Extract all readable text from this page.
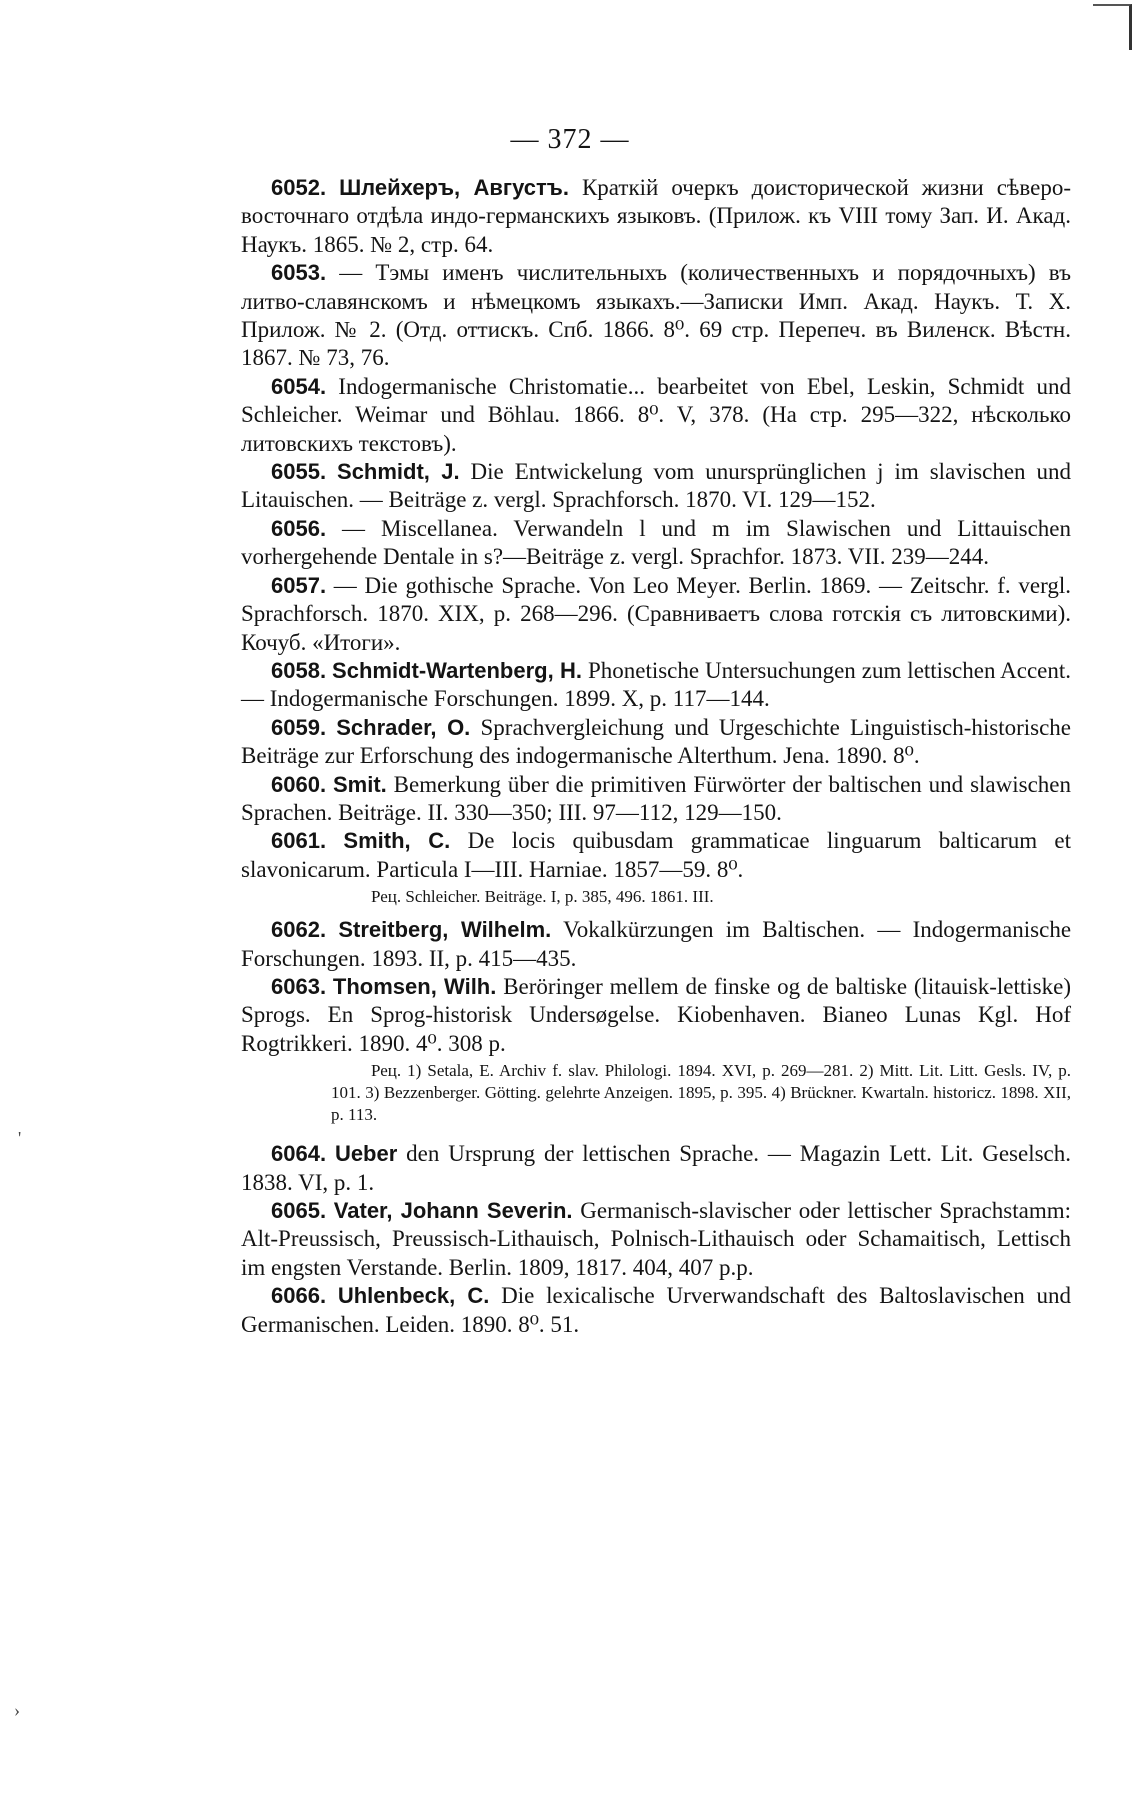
'
›
— 372 —
6052. Шлейхеръ, Августъ. Краткій очеркъ доисторической жизни сѣверо-восточнаго отдѣла индо-германскихъ языковъ. (Прилож. къ VIII тому Зап. И. Акад. Наукъ. 1865. № 2, стр. 64.
6053. — Тэмы именъ числительныхъ (количественныхъ и порядочныхъ) въ литво-славянскомъ и нѣмецкомъ языкахъ.—Записки Имп. Акад. Наукъ. Т. X. Прилож. № 2. (Отд. оттискъ. Спб. 1866. 8⁰. 69 стр. Перепеч. въ Виленск. Вѣстн. 1867. № 73, 76.
6054. Indogermanische Christomatie... bearbeitet von Ebel, Leskin, Schmidt und Schleicher. Weimar und Böhlau. 1866. 8⁰. V, 378. (На стр. 295—322, нѣсколько литовскихъ текстовъ).
6055. Schmidt, J. Die Entwickelung vom unursprünglichen j im slavischen und Litauischen. — Beiträge z. vergl. Sprachforsch. 1870. VI. 129—152.
6056. — Miscellanea. Verwandeln l und m im Slawischen und Littauischen vorhergehende Dentale in s?—Beiträge z. vergl. Sprachfor. 1873. VII. 239—244.
6057. — Die gothische Sprache. Von Leo Meyer. Berlin. 1869. — Zeitschr. f. vergl. Sprachforsch. 1870. XIX, p. 268—296. (Сравниваетъ слова готскія съ литовскими). Кочуб. «Итоги».
6058. Schmidt-Wartenberg, H. Phonetische Untersuchungen zum lettischen Accent. — Indogermanische Forschungen. 1899. X, p. 117—144.
6059. Schrader, O. Sprachvergleichung und Urgeschichte Linguistisch-historische Beiträge zur Erforschung des indogermanische Alterthum. Jena. 1890. 8⁰.
6060. Smit. Bemerkung über die primitiven Fürwörter der baltischen und slawischen Sprachen. Beiträge. II. 330—350; III. 97—112, 129—150.
6061. Smith, C. De locis quibusdam grammaticae linguarum balticarum et slavonicarum. Particula I—III. Harniae. 1857—59. 8⁰.
Рец. Schleicher. Beiträge. I, p. 385, 496. 1861. III.
6062. Streitberg, Wilhelm. Vokalkürzungen im Baltischen. — Indogermanische Forschungen. 1893. II, p. 415—435.
6063. Thomsen, Wilh. Beröringer mellem de finske og de baltiske (litauisk-lettiske) Sprogs. En Sprog-historisk Undersøgelse. Kiobenhaven. Bianeo Lunas Kgl. Hof Rogtrikkeri. 1890. 4⁰. 308 p.
Рец. 1) Setala, E. Archiv f. slav. Philologi. 1894. XVI, p. 269—281. 2) Mitt. Lit. Litt. Gesls. IV, p. 101. 3) Bezzenberger. Götting. gelehrte Anzeigen. 1895, p. 395. 4) Brückner. Kwartaln. historicz. 1898. XII, p. 113.
6064. Ueber den Ursprung der lettischen Sprache. — Magazin Lett. Lit. Geselsch. 1838. VI, p. 1.
6065. Vater, Johann Severin. Germanisch-slavischer oder lettischer Sprachstamm: Alt-Preussisch, Preussisch-Lithauisch, Polnisch-Lithauisch oder Schamaitisch, Lettisch im engsten Verstande. Berlin. 1809, 1817. 404, 407 p.p.
6066. Uhlenbeck, C. Die lexicalische Urverwandschaft des Baltoslavischen und Germanischen. Leiden. 1890. 8⁰. 51.
